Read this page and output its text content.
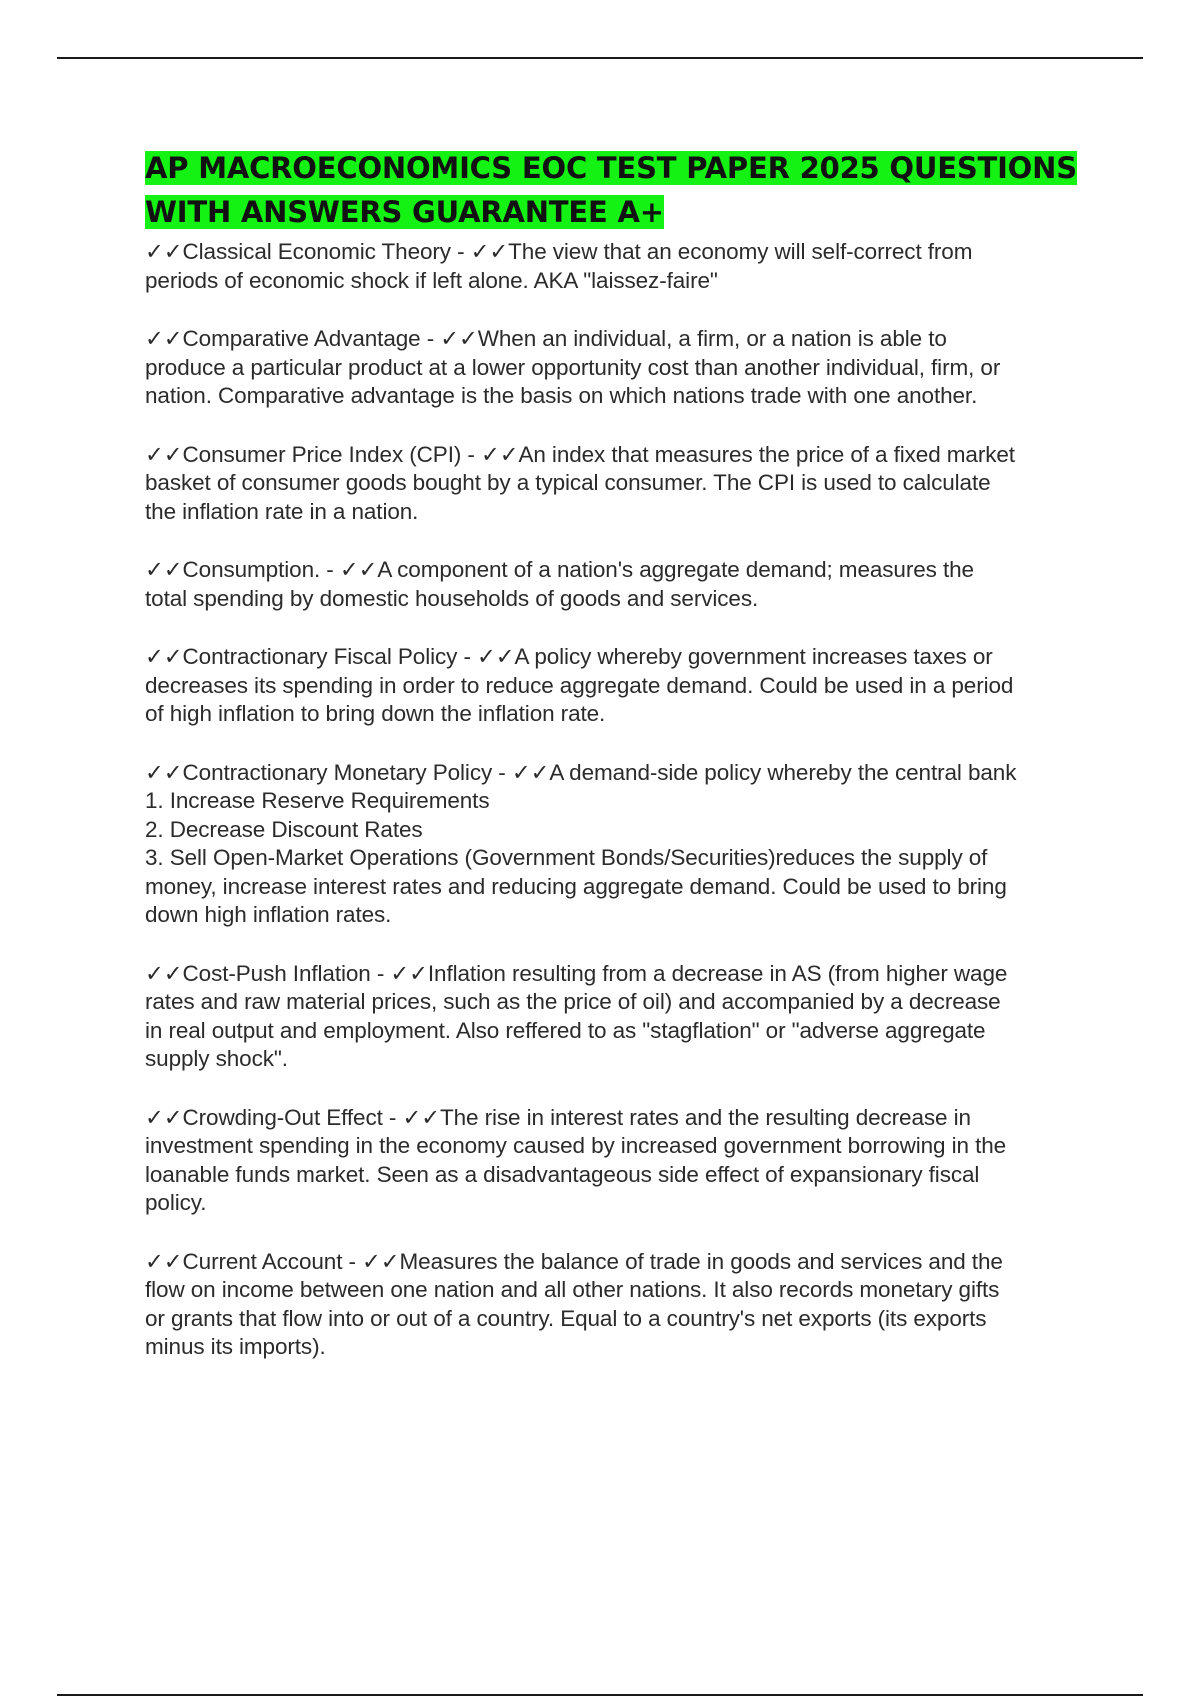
AP MACROECONOMICS EOC TEST PAPER 2025 QUESTIONS
WITH ANSWERS GUARANTEE A+
✓✓Classical Economic Theory - ✓✓The view that an economy will self-correct from
periods of economic shock if left alone. AKA "laissez-faire"
✓✓Comparative Advantage - ✓✓When an individual, a firm, or a nation is able to
produce a particular product at a lower opportunity cost than another individual, firm, or
nation. Comparative advantage is the basis on which nations trade with one another.
✓✓Consumer Price Index (CPI) - ✓✓An index that measures the price of a fixed market
basket of consumer goods bought by a typical consumer. The CPI is used to calculate
the inflation rate in a nation.
✓✓Consumption. - ✓✓A component of a nation's aggregate demand; measures the
total spending by domestic households of goods and services.
✓✓Contractionary Fiscal Policy - ✓✓A policy whereby government increases taxes or
decreases its spending in order to reduce aggregate demand. Could be used in a period
of high inflation to bring down the inflation rate.
✓✓Contractionary Monetary Policy - ✓✓A demand-side policy whereby the central bank
1. Increase Reserve Requirements
2. Decrease Discount Rates
3. Sell Open-Market Operations (Government Bonds/Securities)reduces the supply of
money, increase interest rates and reducing aggregate demand. Could be used to bring
down high inflation rates.
✓✓Cost-Push Inflation - ✓✓Inflation resulting from a decrease in AS (from higher wage
rates and raw material prices, such as the price of oil) and accompanied by a decrease
in real output and employment. Also reffered to as "stagflation" or "adverse aggregate
supply shock".
✓✓Crowding-Out Effect - ✓✓The rise in interest rates and the resulting decrease in
investment spending in the economy caused by increased government borrowing in the
loanable funds market. Seen as a disadvantageous side effect of expansionary fiscal
policy.
✓✓Current Account - ✓✓Measures the balance of trade in goods and services and the
flow on income between one nation and all other nations. It also records monetary gifts
or grants that flow into or out of a country. Equal to a country's net exports (its exports
minus its imports).
